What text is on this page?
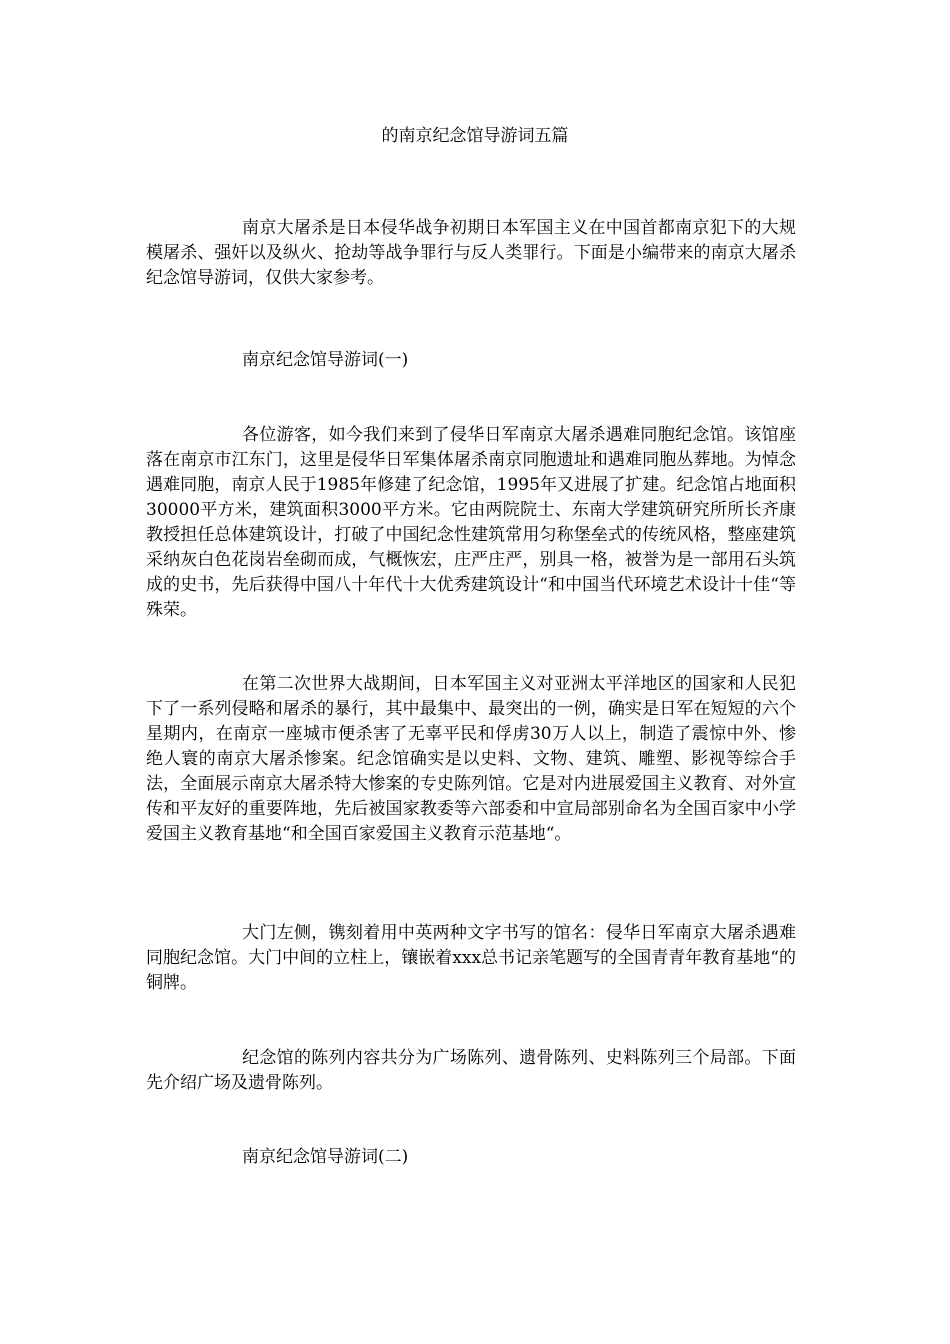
的南京纪念馆导游词五篇

南京大屠杀是日本侵华战争初期日本军国主义在中国首都南京犯下的大规模屠杀、强奸以及纵火、抢劫等战争罪行与反人类罪行。下面是小编带来的南京大屠杀纪念馆导游词，仅供大家参考。

南京纪念馆导游词(一)

各位游客，如今我们来到了侵华日军南京大屠杀遇难同胞纪念馆。该馆座落在南京市江东门，这里是侵华日军集体屠杀南京同胞遗址和遇难同胞丛葬地。为悼念遇难同胞，南京人民于1985年修建了纪念馆，1995年又进展了扩建。纪念馆占地面积30000平方米，建筑面积3000平方米。它由两院院士、东南大学建筑研究所所长齐康教授担任总体建筑设计，打破了中国纪念性建筑常用匀称堡垒式的传统风格，整座建筑采纳灰白色花岗岩垒砌而成，气概恢宏，庄严庄严，别具一格，被誉为是一部用石头筑成的史书，先后获得中国八十年代十大优秀建筑设计“和中国当代环境艺术设计十佳“等殊荣。

在第二次世界大战期间，日本军国主义对亚洲太平洋地区的国家和人民犯下了一系列侵略和屠杀的暴行，其中最集中、最突出的一例，确实是日军在短短的六个星期内，在南京一座城市便杀害了无辜平民和俘虏30万人以上，制造了震惊中外、惨绝人寰的南京大屠杀惨案。纪念馆确实是以史料、文物、建筑、雕塑、影视等综合手法，全面展示南京大屠杀特大惨案的专史陈列馆。它是对内进展爱国主义教育、对外宣传和平友好的重要阵地，先后被国家教委等六部委和中宣局部别命名为全国百家中小学爱国主义教育基地“和全国百家爱国主义教育示范基地“。

大门左侧，镌刻着用中英两种文字书写的馆名：侵华日军南京大屠杀遇难同胞纪念馆。大门中间的立柱上，镶嵌着xxx总书记亲笔题写的全国青青年教育基地“的铜牌。

纪念馆的陈列内容共分为广场陈列、遗骨陈列、史料陈列三个局部。下面先介绍广场及遗骨陈列。

南京纪念馆导游词(二)
